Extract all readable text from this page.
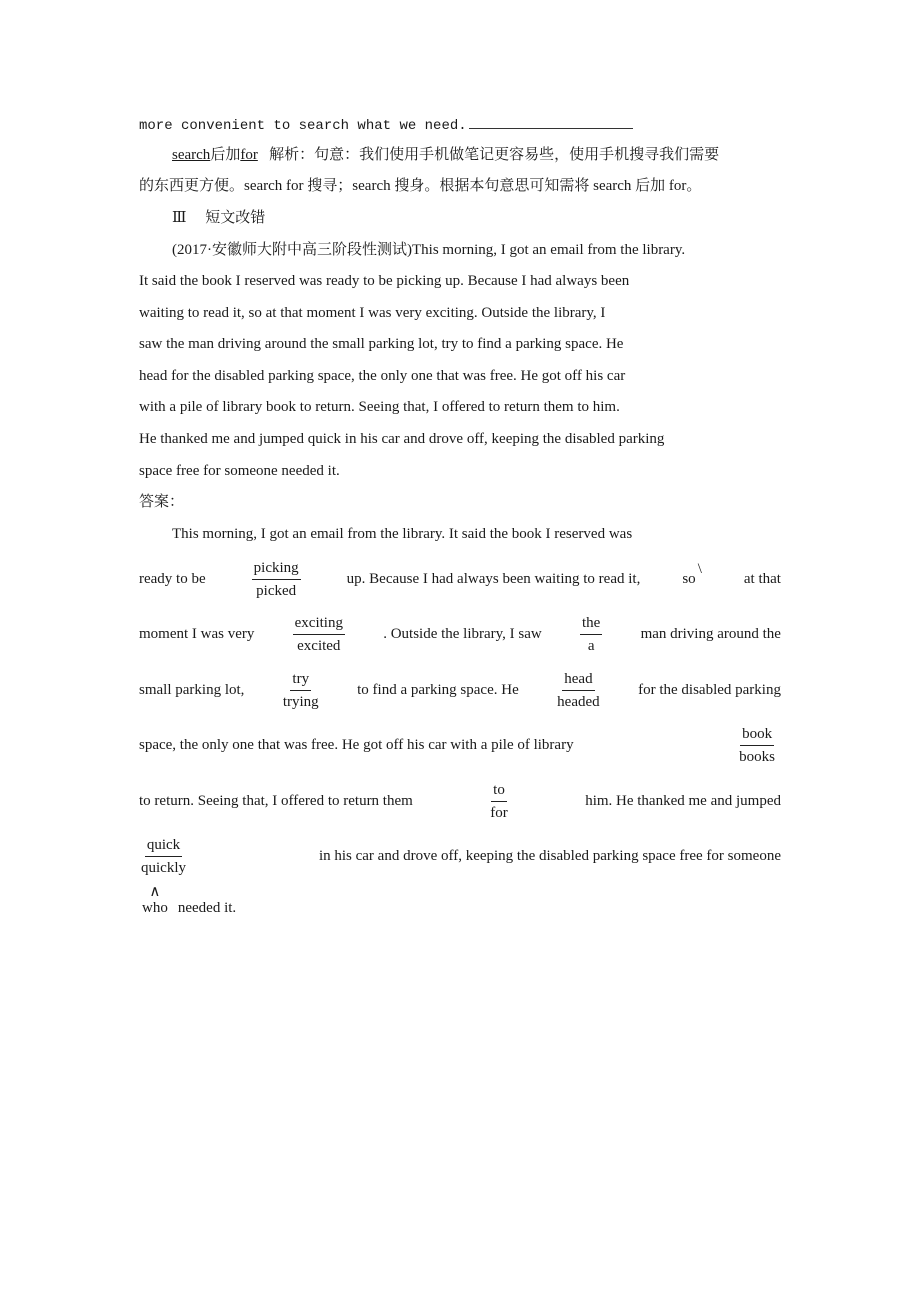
more convenient to search what we need.
search后加for 解析：句意：我们使用手机做笔记更容易些，使用手机搜寻我们需要
的东西更方便。search for 搜寻；search 搜身。根据本句意思可知需将 search 后加 for。
Ⅲ 短文改错
(2017·安徽师大附中高三阶段性测试)This morning, I got an email from the library.
It said the book I reserved was ready to be picking up. Because I had always been
waiting to read it, so at that moment I was very exciting. Outside the library, I
saw the man driving around the small parking lot, try to find a parking space. He
head for the disabled parking space, the only one that was free. He got off his car
with a pile of library book to return. Seeing that, I offered to return them to him.
He thanked me and jumped quick in his car and drove off, keeping the disabled parking
space free for someone needed it.
答案：
This morning, I got an email from the library. It said the book I reserved was
ready to be	$\frac{\text{picking}}{\text{picked}}$	up. Because I had always been waiting to read it,	so\
at that
moment I was very	$\frac{\text{exciting}}{\text{excited}}$	. Outside the library, I saw	$\frac{\text{the}}{a}$	man driving around the
small parking lot, $\frac{\text{try}}{\text{trying}}$ to find a parking space. He $\frac{\text{head}}{\text{headed}}$ for the disabled parking
space, the only one that was free. He got off his car with a pile of library	$\frac{\text{book}}{\text{books}}$
to return. Seeing that, I offered to return them	$\frac{to}{\text{for}}$	him. He thanked me and jumped
$\frac{\text{quick}}{\text{quickly}}$	in his car and drove off, keeping the disabled parking space free for someone
∧
who needed it.
